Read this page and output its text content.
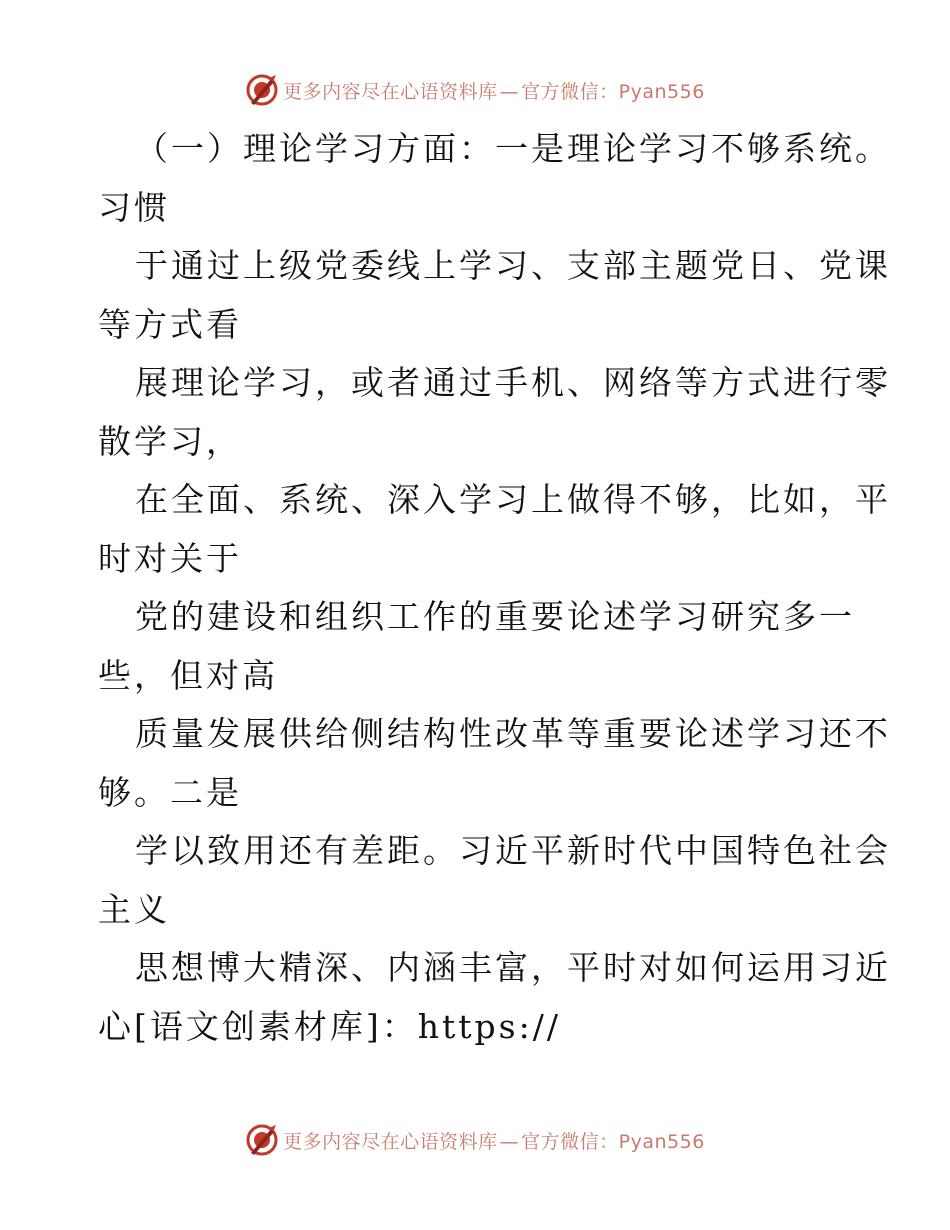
更多内容尽在心语资料库 — 官方微信：Pyan556
（一）理论学习方面：一是理论学习不够系统。
习惯
于通过上级党委线上学习、支部主题党日、党课
等方式看
展理论学习，或者通过手机、网络等方式进行零
散学习，
在全面、系统、深入学习上做得不够，比如，平
时对关于
党的建设和组织工作的重要论述学习研究多一
些，但对高
质量发展供给侧结构性改革等重要论述学习还不
够。二是
学以致用还有差距。习近平新时代中国特色社会
主义
思想博大精深、内涵丰富，平时对如何运用习近
心[语文创素材库]：https://
更多内容尽在心语资料库 — 官方微信：Pyan556
